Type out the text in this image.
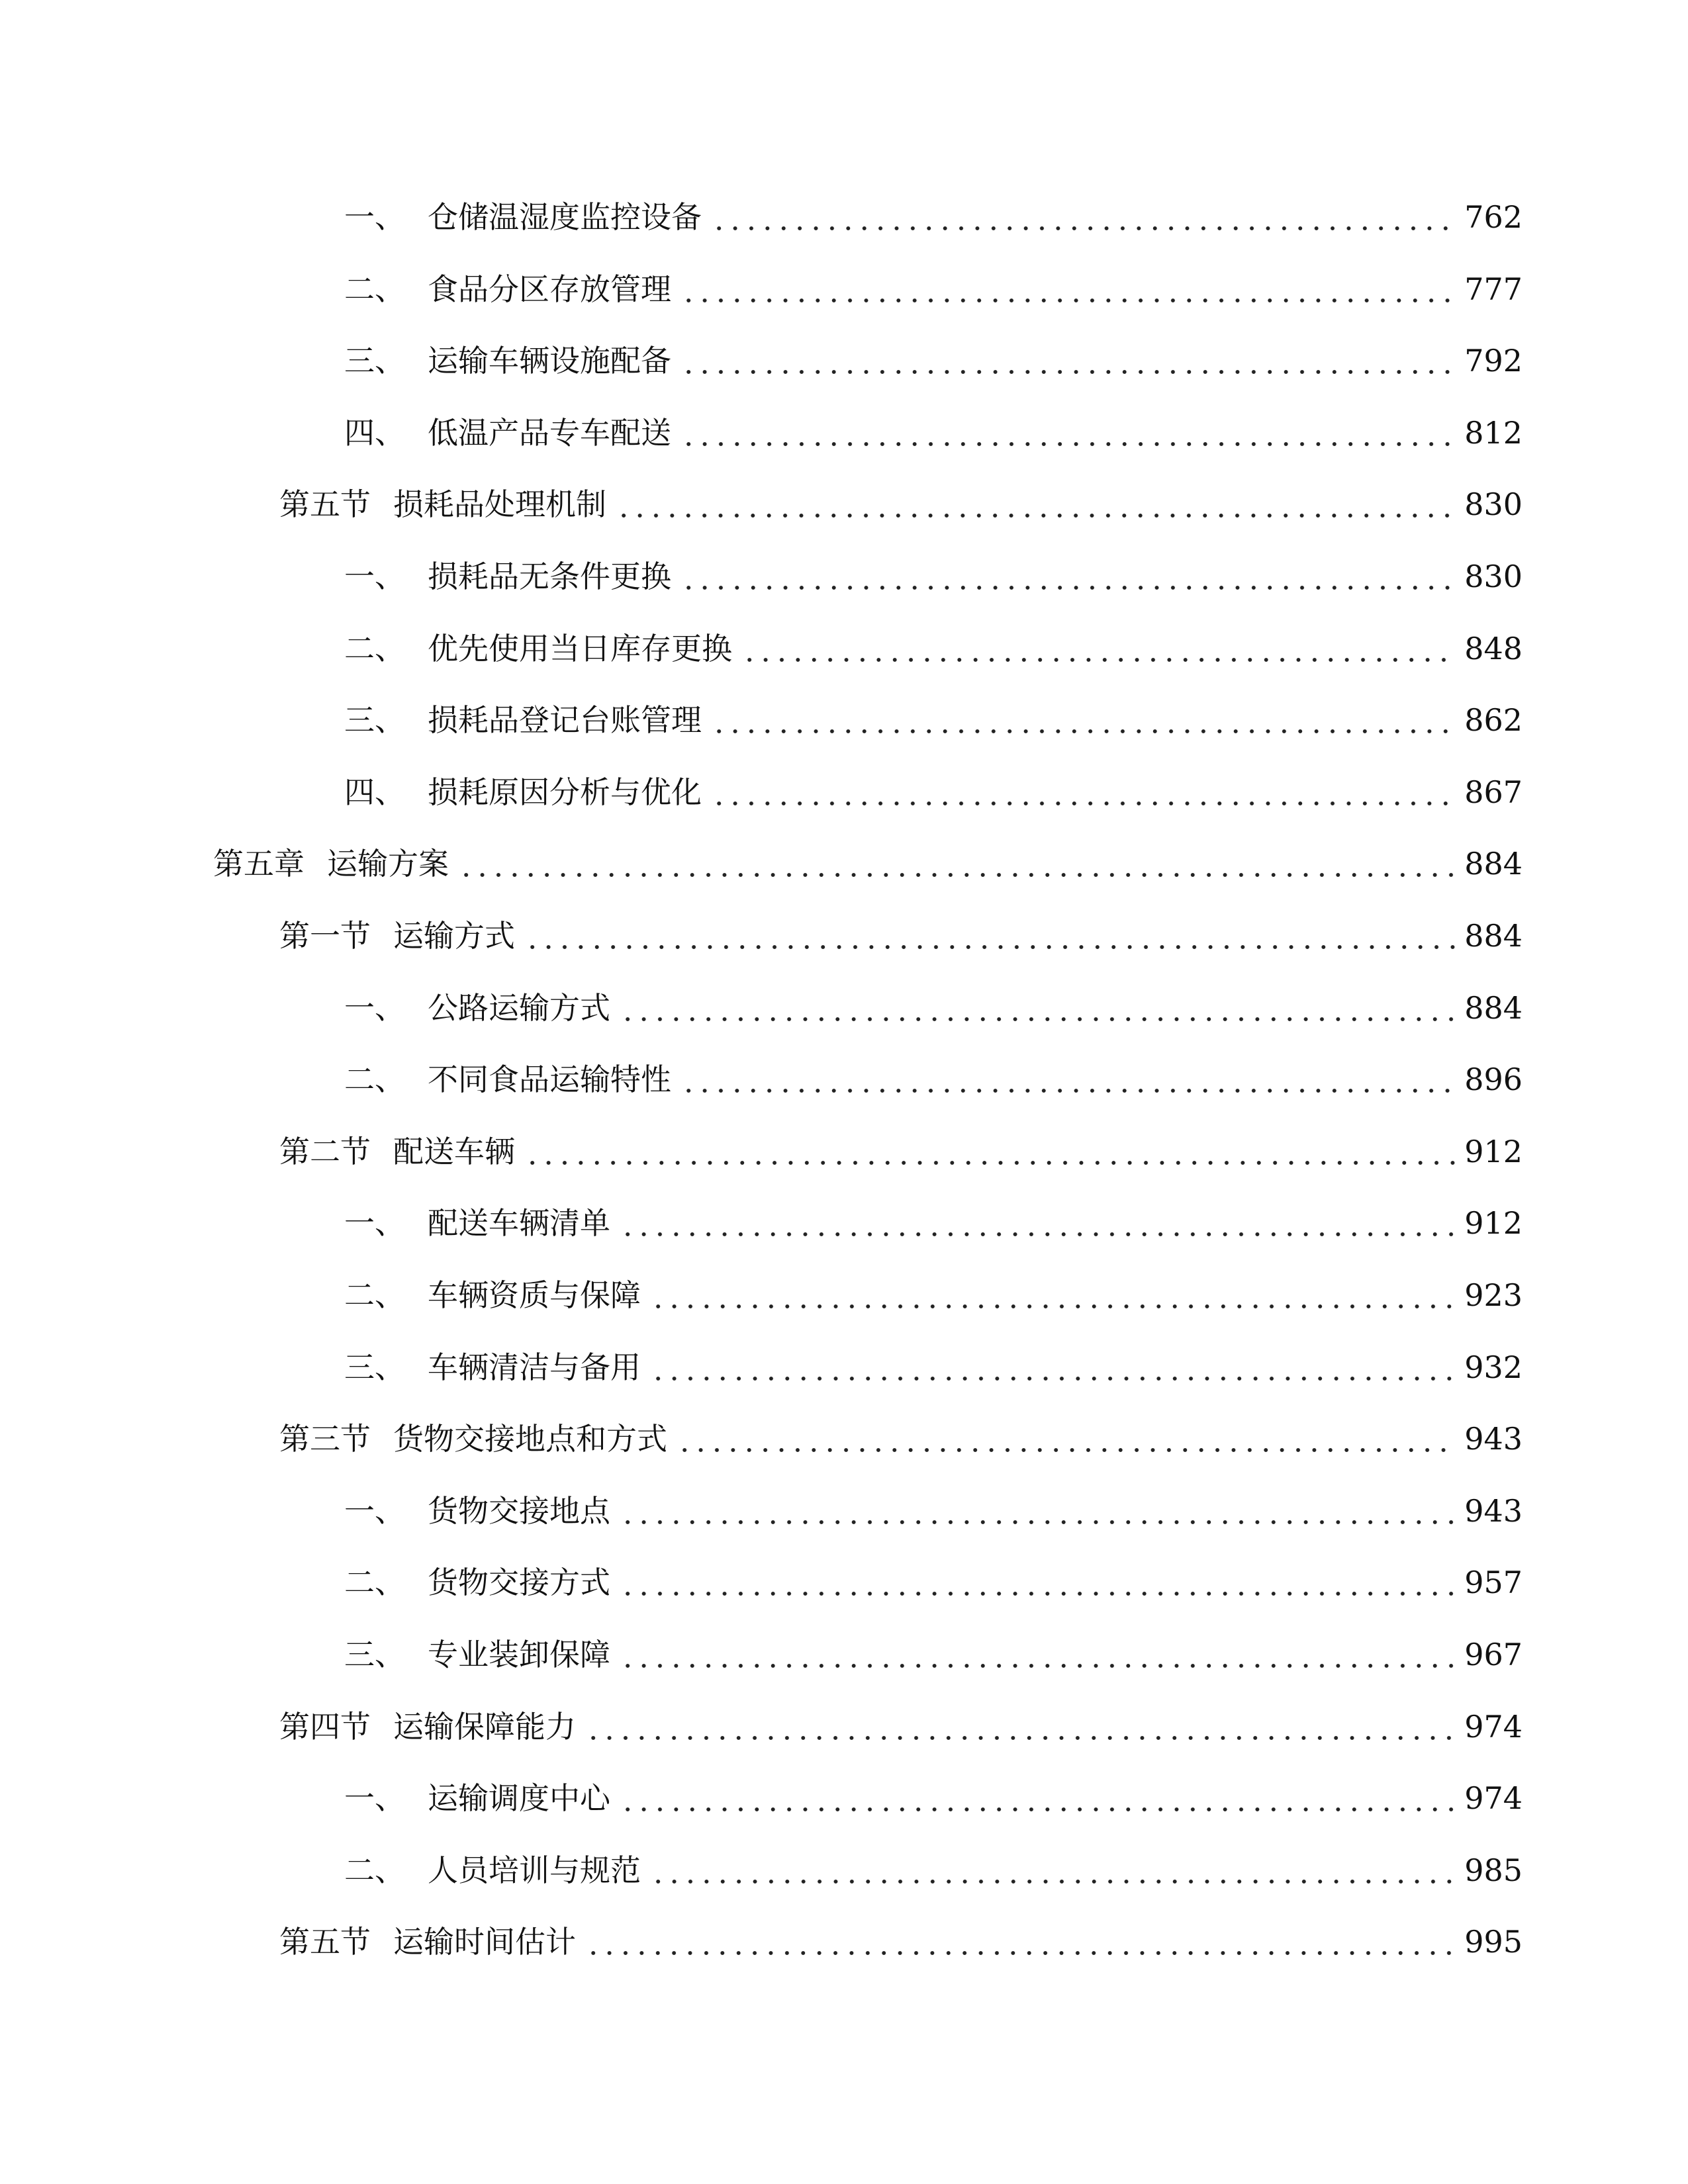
一、 仓储温湿度监控设备	762
二、 食品分区存放管理	777
三、 运输车辆设施配备	792
四、 低温产品专车配送	812
第五节 损耗品处理机制	830
一、 损耗品无条件更换	830
二、 优先使用当日库存更换	848
三、 损耗品登记台账管理	862
四、 损耗原因分析与优化	867
第五章 运输方案	884
第一节 运输方式	884
一、 公路运输方式	884
二、 不同食品运输特性	896
第二节 配送车辆	912
一、 配送车辆清单	912
二、 车辆资质与保障	923
三、 车辆清洁与备用	932
第三节 货物交接地点和方式	943
一、 货物交接地点	943
二、 货物交接方式	957
三、 专业装卸保障	967
第四节 运输保障能力	974
一、 运输调度中心	974
二、 人员培训与规范	985
第五节 运输时间估计	995
